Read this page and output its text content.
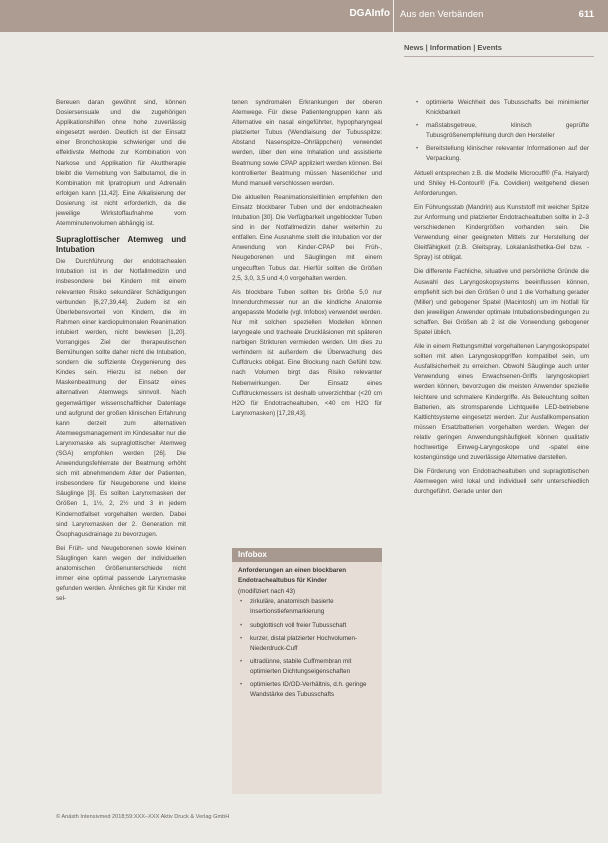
DGAInfo Aus den Verbänden	611
News | Information | Events

Bereuen daran gewöhnt sind, können Dosiersensuale und die zugehörigen Applikationshilfen ohne hohe zuverlässig eingesetzt werden. Deutlich ist der Einsatz einer Bronchoskopie schwieriger und die effektivste Methode zur Kombination von Narkose und Applikation für Akuttherapie bleibt die Verneblung von Salbutamol, die in Kombination mit Ipratropium und Adrenalin erfolgen kann [11,42]. Eine Alkalisierung der Dosierung ist nicht erforderlich, da die jeweilige Wirkstoffaufnahme vom Atemminutenvolumen abhängig ist.

Supraglottischer Atemweg und Intubation

Die Durchführung der endotrachealen Intubation ist in der Notfallmedizin und insbesondere bei Kindern mit einem relevanten Risiko sekundärer Schädigungen verbunden [6,27,39,44]. Zudem ist ein Überlebensvorteil von Kindern, die im Rahmen einer kardiopulmonalen Reanimation intubiert werden, nicht bewiesen [1,20]. Vorrangiges Ziel der therapeutischen Bemühungen sollte daher nicht die Intubation, sondern die suffiziente Oxygenierung des Kindes sein. Hierzu ist neben der Maskenbeatmung der Einsatz eines alternativen Atemwegs sinnvoll. Nach gegenwärtiger wissenschaftlicher Datenlage und aufgrund der großen klinischen Erfahrung kann derzeit zum alternativen Atemwegsmanagement im Kindesalter nur die Larynxmaske als supraglottischer Atemweg (SGA) empfohlen werden [26]. Die Anwendungsfehlerrate der Beatmung erhöht sich mit abnehmendem Alter der Patienten, insbesondere für Neugeborene und kleine Säuglinge [3]. Es sollten Larynxmasken der Größen 1, 1½, 2, 2½ und 3 in jedem Kindernotfallset vorgehalten werden. Dabei sind Larynxmasken der 2. Generation mit Ösophagusdrainage zu bevorzugen.

Bei Früh- und Neugeborenen sowie kleinen Säuglingen kann wegen der individuellen anatomischen Größenunterschiede nicht immer eine optimal passende Larynxmaske gefunden werden. Ähnliches gilt für Kinder mit sel-

tenen syndromalen Erkrankungen der oberen Atemwege. Für diese Patientengruppen kann als Alternative ein nasal eingeführter, hypopharyngeal platzierter Tubus (Wendlaisung der Tubusspitze: Abstand Nasenspitze–Ohrläppchen) verwendet werden, über den eine Inhalation und assistierte Beatmung sowie CPAP appliziert werden können. Bei kontrollierter Beatmung müssen Nasenlöcher und Mund manuell verschlossen werden.

Die aktuellen Reanimationsleitlinien empfehlen den Einsatz blockbarer Tuben und der endotrachealen Intubation [30]. Die Verfügbarkeit ungeblockter Tuben sind in der Notfallmedizin daher weiterhin zu entfallen. Eine Ausnahme stellt die Intubation vor der Anwendung von Kinder-CPAP bei Früh-, Neugeborenen und Säuglingen mit einem ungecufften Tubus dar. Hierfür sollten die Größen 2,5, 3,0, 3,5 und 4,0 vorgehalten werden.

Als blockbare Tuben sollten bis Größe 5,0 nur Innendurchmesser nur an die kindliche Anatomie angepasste Modelle (vgl. Infobox) verwendet werden. Nur mit solchen speziellen Modellen können laryngeale und tracheale Druckläsionen mit späteren narbigen Strikturen vermieden werden. Um dies zu verhindern ist außerdem die Überwachung des Cuffdrucks obligat. Eine Blockung nach Gefühl bzw. nach Volumen birgt das Risiko relevanter Nebenwirkungen. Der Einsatz eines Cuffdruckmessers ist deshalb unverzichtbar (<20 cm H2O für Endotrachealtuben, <40 cm H2O für Larynxmasken) [17,28,43].

Infobox
Anforderungen an einen blockbaren Endotrachealtubus für Kinder
(modifiziert nach 43)
• zirkuläre, anatomisch basierte Insertionstiefenmarkierung
• subglottisch voll freier Tubusschaft
• kurzer, distal platzierter Hochvolumen-Niederdruck-Cuff
• ultradünne, stabile Cuffmembran mit optimierten Dichtungseigenschaften
• optimiertes ID/OD-Verhältnis, d.h. geringe Wandstärke des Tubusschafts
• optimierte Weichheit des Tubusschafts bei minimierter Knickbarkeit
• maßstabsgetreue, klinisch geprüfte Tubusgrößenempfehlung durch den Hersteller
• Bereitstellung klinischer relevanter Informationen auf der Verpackung.

Aktuell entsprechen z.B. die Modelle Microcuff® (Fa. Halyard) und Shiley Hi-Contour® (Fa. Covidien) weitgehend diesen Anforderungen.

Ein Führungsstab (Mandrin) aus Kunststoff mit weicher Spitze zur Anformung und platzierter Endotrachealtuben sollte in 2–3 verschiedenen Kindergrößen vorhanden sein. Die Verwendung einer geeigneten Mittels zur Herstellung der Gleitfähigkeit (z.B. Gleitspray, Lokalanästhetika-Gel bzw. -Spray) ist obligat.

Die differente Fachliche, situative und persönliche Gründe die Auswahl des Laryngoskopsystems beeinflussen können, empfiehlt sich bei den Größen 0 und 1 die Vorhaltung gerader (Miller) und gebogener Spatel (Macintosh) um im Notfall für den jeweiligen Anwender optimale Intubationsbedingungen zu schaffen. Bei Größen ab 2 ist die Vorwendung gebogener Spatel üblich.

Alle in einem Rettungsmittel vorgehaltenen Laryngoskopspatel sollten mit allen Laryngoskopgriffen kompatibel sein, um Ausfallsicherheit zu erreichen. Obwohl Säuglinge auch unter Verwendung eines Erwachsenen-Griffs laryngoskopiert werden können, bevorzugen die meisten Anwender spezielle leichtere und schmalere Kindergriffe. Als Beleuchtung sollten Batterien, als stromsparende Lichtquelle LED-betriebene Kaltlichtsysteme eingesetzt werden. Zur Ausfallkompensation müssen Ersatzbatterien vorgehalten werden. Wegen der relativ geringen Anwendungshäufigkeit können qualitativ hochwertige Einweg-Laryngoskope und -spatel eine kostengünstige und zuverlässige Alternative darstellen.

Die Förderung von Endotrachealtuben und supraglottischen Atemwegen wird lokal und individuell sehr unterschiedlich durchgeführt. Gerade unter den

© Anästh Intensivmed 2018;59:XXX–XXX Aktiv Druck & Verlag GmbH
